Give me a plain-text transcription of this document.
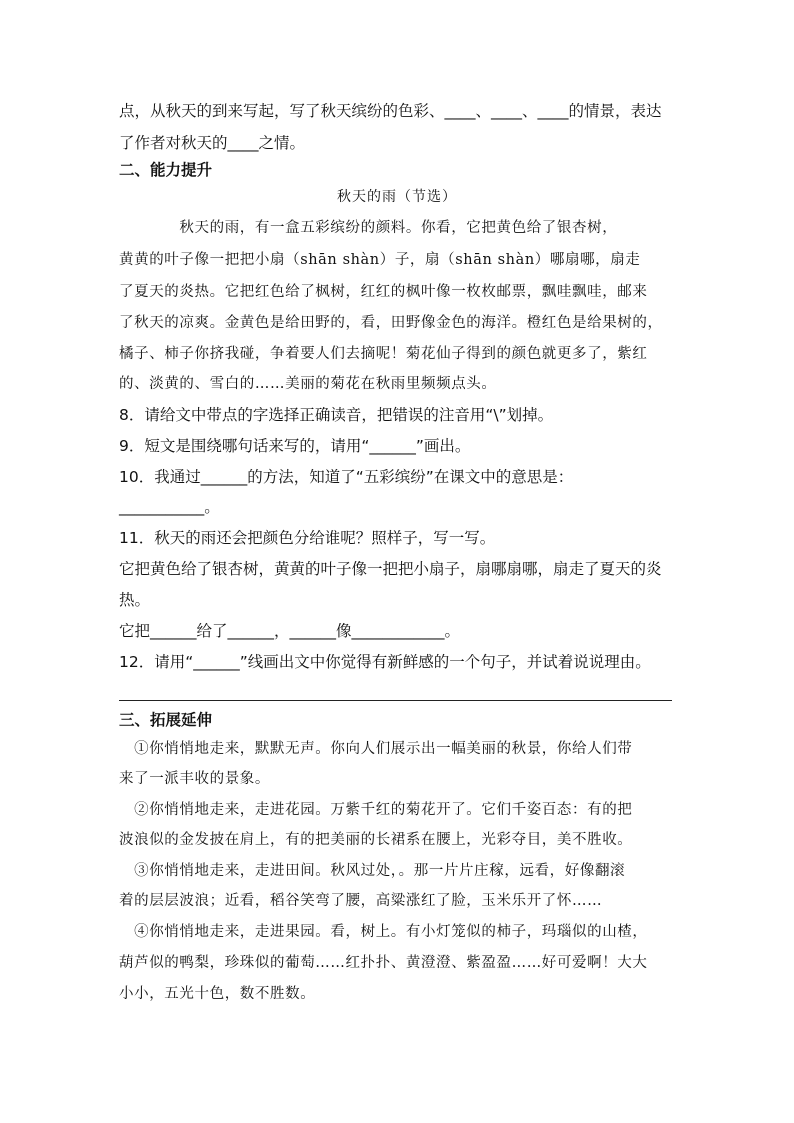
点，从秋天的到来写起，写了秋天缤纷的色彩、____、____、____的情景，表达
了作者对秋天的____之情。
二、能力提升
秋天的雨（节选）
　　　　秋天的雨，有一盒五彩缤纷的颜料。你看，它把黄色给了银杏树，
黄黄的叶子像一把把小扇（shān shàn）子，扇（shān shàn）哪扇哪，扇走
了夏天的炎热。它把红色给了枫树，红红的枫叶像一枚枚邮票，飘哇飘哇，邮来
了秋天的凉爽。金黄色是给田野的，看，田野像金色的海洋。橙红色是给果树的，
橘子、柿子你挤我碰，争着要人们去摘呢！菊花仙子得到的颜色就更多了，紫红
的、淡黄的、雪白的……美丽的菊花在秋雨里频频点头。
8．请给文中带点的字选择正确读音，把错误的注音用“\”划掉。
9．短文是围绕哪句话来写的，请用“______”画出。
10．我通过______的方法，知道了“五彩缤纷”在课文中的意思是：
___________。
11．秋天的雨还会把颜色分给谁呢？照样子，写一写。
它把黄色给了银杏树，黄黄的叶子像一把把小扇子，扇哪扇哪，扇走了夏天的炎
热。
它把______给了______，______像____________。
12．请用“______”线画出文中你觉得有新鲜感的一个句子，并试着说说理由。
三、拓展延伸
　①你悄悄地走来，默默无声。你向人们展示出一幅美丽的秋景，你给人们带
来了一派丰收的景象。
　②你悄悄地走来，走进花园。万紫千红的菊花开了。它们千姿百态：有的把
波浪似的金发披在肩上，有的把美丽的长裙系在腰上，光彩夺目，美不胜收。
　③你悄悄地走来，走进田间。秋风过处，。那一片片庄稼，远看，好像翻滚
着的层层波浪；近看，稻谷笑弯了腰，高粱涨红了脸，玉米乐开了怀……
　④你悄悄地走来，走进果园。看，树上。有小灯笼似的柿子，玛瑙似的山楂，
葫芦似的鸭梨，珍珠似的葡萄……红扑扑、黄澄澄、紫盈盈……好可爱啊！大大
小小，五光十色，数不胜数。
